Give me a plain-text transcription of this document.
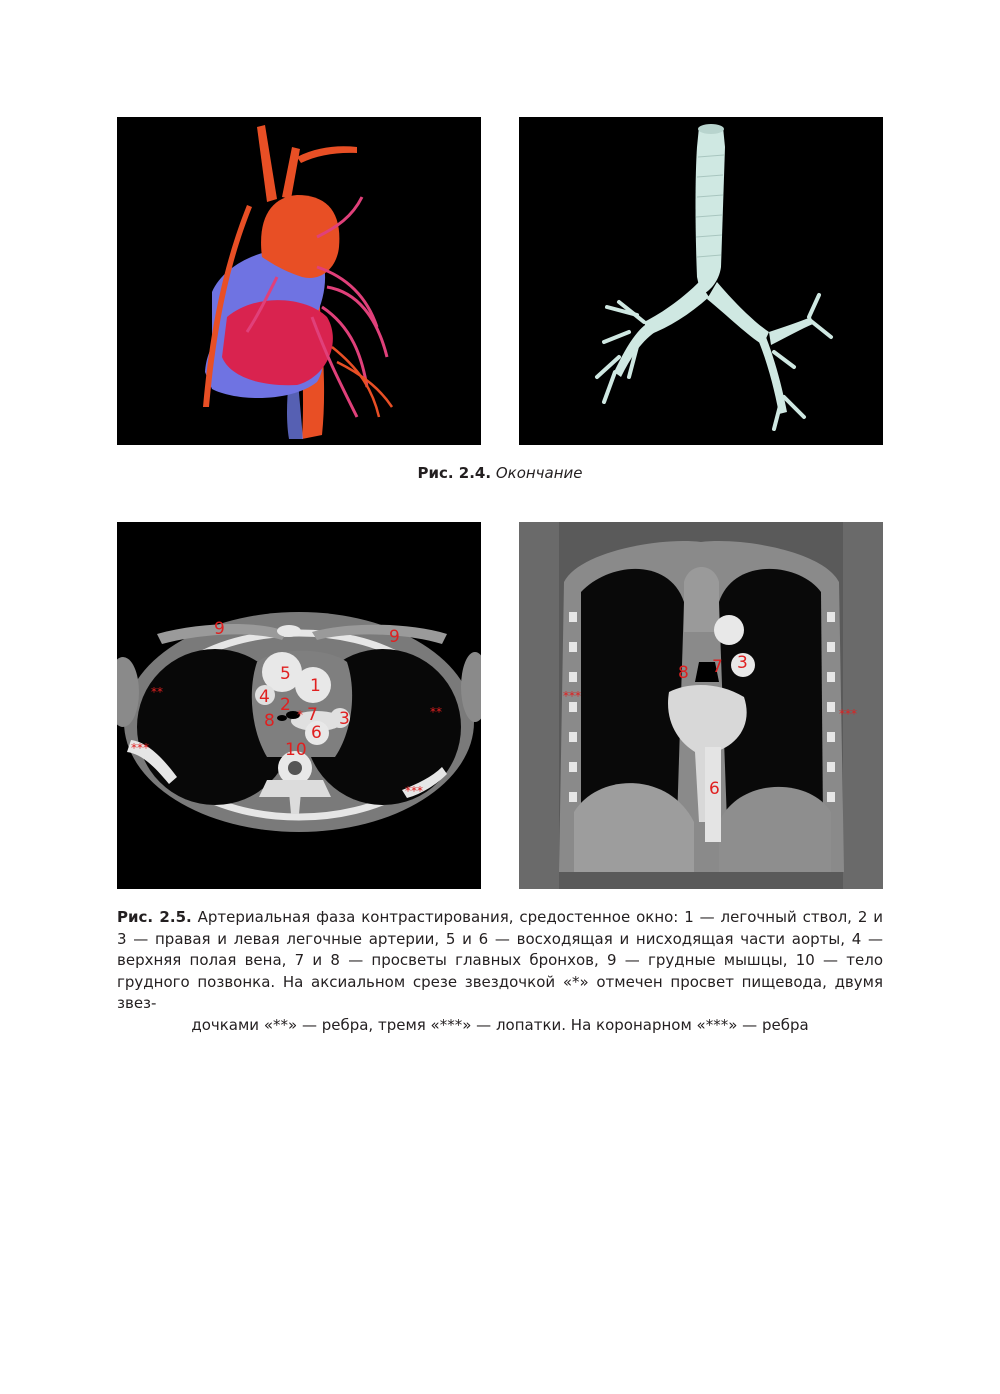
Рис. 2.4. Окончание
5
1
4 2
8 7
* 3
6
10
9	9
**
**
***
***
3
7
8
6
***
***
Рис. 2.5. Артериальная фаза контрастирования, средостенное окно: 1 — легочный ствол, 2 и 3 — правая и левая легочные артерии, 5 и 6 — восходящая и нисходящая части аорты, 4 — верхняя полая вена, 7 и 8 — просветы главных бронхов, 9 — грудные мышцы, 10 — тело грудного позвонка. На аксиальном срезе звездочкой «*» отмечен просвет пищевода, двумя звез-
дочками «**» — ребра, тремя «***» — лопатки. На коронарном «***» — ребра
